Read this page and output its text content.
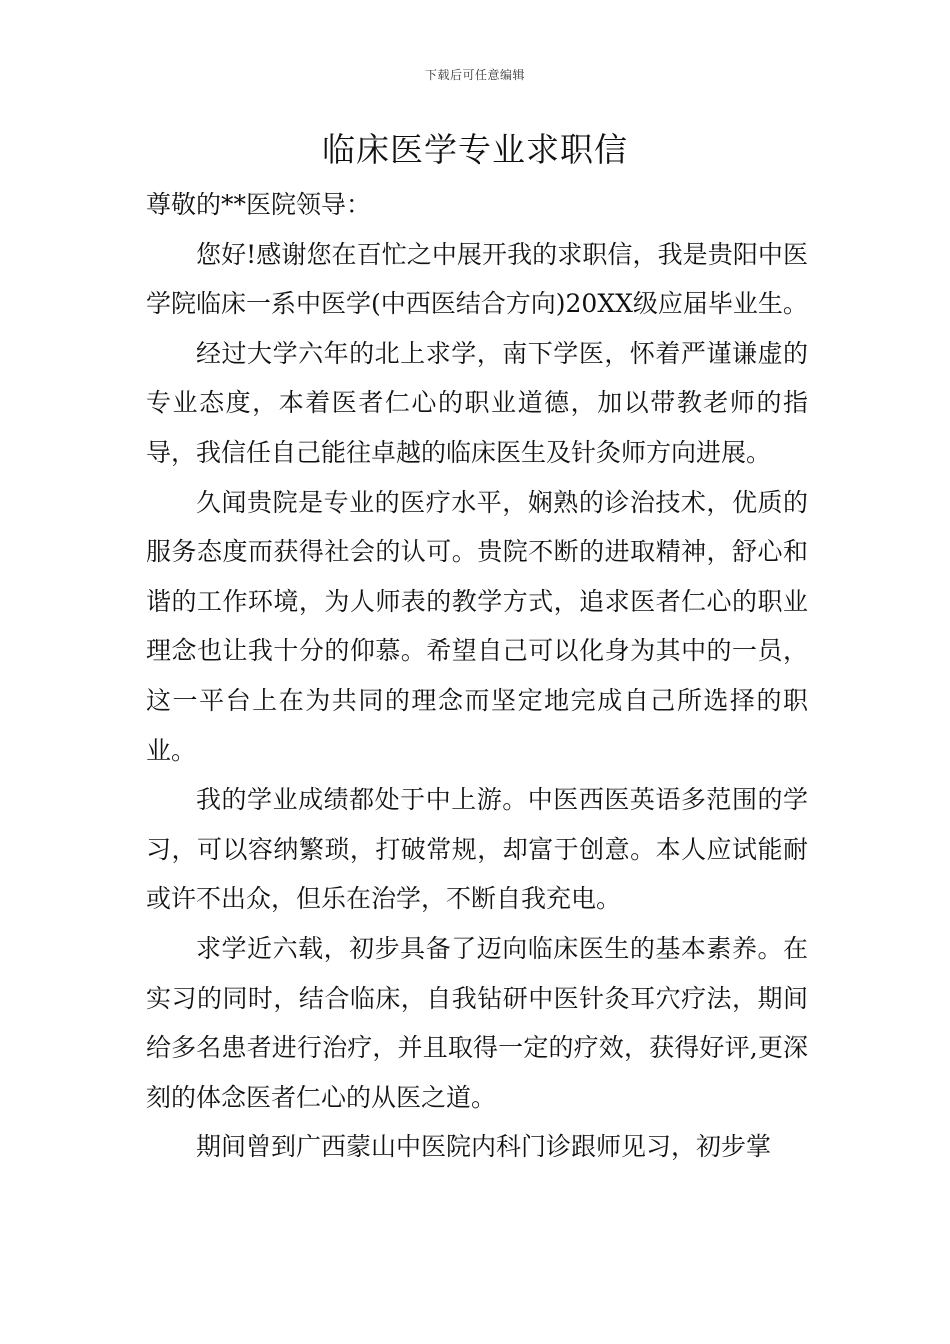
下载后可任意编辑
临床医学专业求职信

尊敬的**医院领导：

您好!感谢您在百忙之中展开我的求职信，我是贵阳中医学院临床一系中医学(中西医结合方向)20XX级应届毕业生。

经过大学六年的北上求学，南下学医，怀着严谨谦虚的专业态度，本着医者仁心的职业道德，加以带教老师的指导，我信任自己能往卓越的临床医生及针灸师方向进展。

久闻贵院是专业的医疗水平，娴熟的诊治技术，优质的服务态度而获得社会的认可。贵院不断的进取精神，舒心和谐的工作环境，为人师表的教学方式，追求医者仁心的职业理念也让我十分的仰慕。希望自己可以化身为其中的一员，这一平台上在为共同的理念而坚定地完成自己所选择的职业。

我的学业成绩都处于中上游。中医西医英语多范围的学习，可以容纳繁琐，打破常规，却富于创意。本人应试能耐或许不出众，但乐在治学，不断自我充电。

求学近六载，初步具备了迈向临床医生的基本素养。在实习的同时，结合临床，自我钻研中医针灸耳穴疗法，期间给多名患者进行治疗，并且取得一定的疗效，获得好评,更深刻的体念医者仁心的从医之道。

期间曾到广西蒙山中医院内科门诊跟师见习，初步掌
